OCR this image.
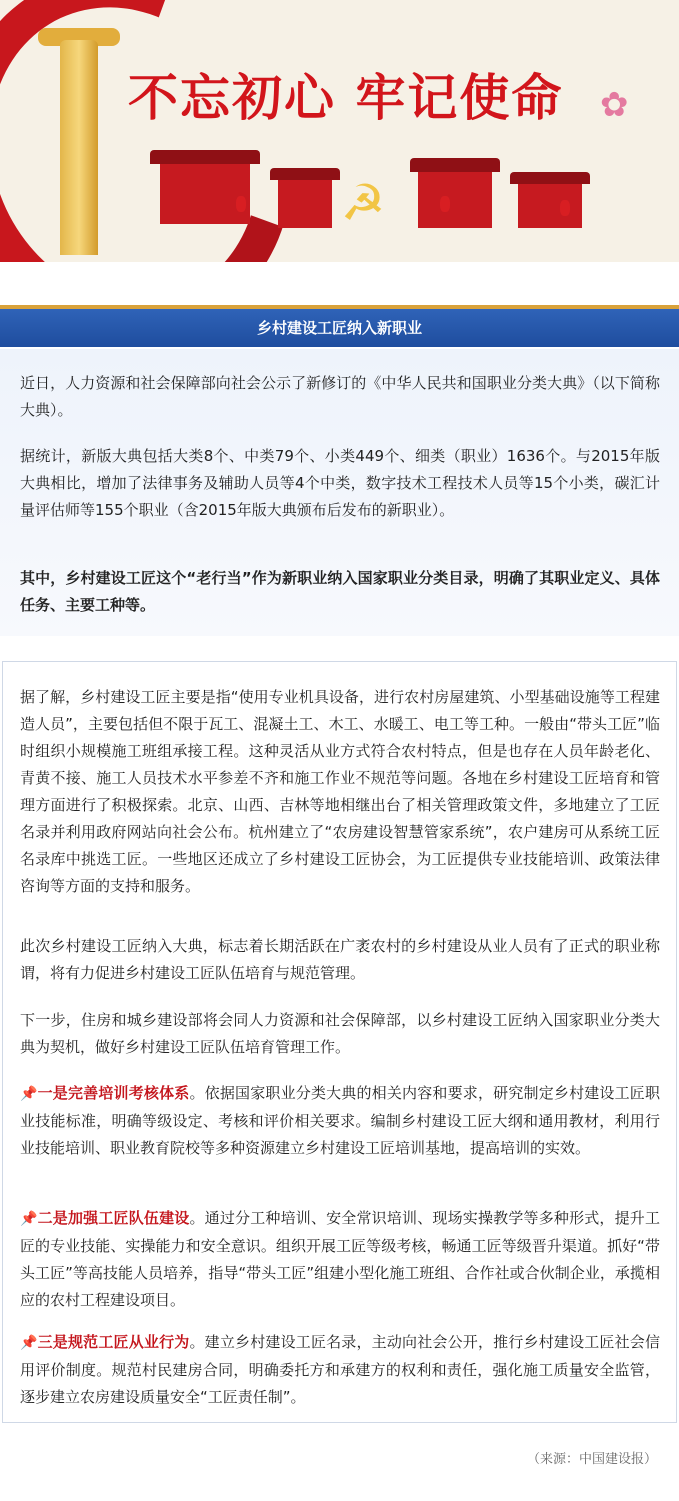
不忘初心 牢记使命
☭
✿
乡村建设工匠纳入新职业

近日，人力资源和社会保障部向社会公示了新修订的《中华人民共和国职业分类大典》（以下简称大典）。

据统计，新版大典包括大类8个、中类79个、小类449个、细类（职业）1636个。与2015年版大典相比，增加了法律事务及辅助人员等4个中类，数字技术工程技术人员等15个小类，碳汇计量评估师等155个职业（含2015年版大典颁布后发布的新职业）。

其中，乡村建设工匠这个“老行当”作为新职业纳入国家职业分类目录，明确了其职业定义、具体任务、主要工种等。

据了解，乡村建设工匠主要是指“使用专业机具设备，进行农村房屋建筑、小型基础设施等工程建造人员”，主要包括但不限于瓦工、混凝土工、木工、水暖工、电工等工种。一般由“带头工匠”临时组织小规模施工班组承接工程。这种灵活从业方式符合农村特点，但是也存在人员年龄老化、青黄不接、施工人员技术水平参差不齐和施工作业不规范等问题。各地在乡村建设工匠培育和管理方面进行了积极探索。北京、山西、吉林等地相继出台了相关管理政策文件，多地建立了工匠名录并利用政府网站向社会公布。杭州建立了“农房建设智慧管家系统”，农户建房可从系统工匠名录库中挑选工匠。一些地区还成立了乡村建设工匠协会，为工匠提供专业技能培训、政策法律咨询等方面的支持和服务。

此次乡村建设工匠纳入大典，标志着长期活跃在广袤农村的乡村建设从业人员有了正式的职业称谓，将有力促进乡村建设工匠队伍培育与规范管理。

下一步，住房和城乡建设部将会同人力资源和社会保障部，以乡村建设工匠纳入国家职业分类大典为契机，做好乡村建设工匠队伍培育管理工作。

📌一是完善培训考核体系。依据国家职业分类大典的相关内容和要求，研究制定乡村建设工匠职业技能标准，明确等级设定、考核和评价相关要求。编制乡村建设工匠大纲和通用教材，利用行业技能培训、职业教育院校等多种资源建立乡村建设工匠培训基地，提高培训的实效。

📌二是加强工匠队伍建设。通过分工种培训、安全常识培训、现场实操教学等多种形式，提升工匠的专业技能、实操能力和安全意识。组织开展工匠等级考核，畅通工匠等级晋升渠道。抓好“带头工匠”等高技能人员培养，指导“带头工匠”组建小型化施工班组、合作社或合伙制企业，承揽相应的农村工程建设项目。

📌三是规范工匠从业行为。建立乡村建设工匠名录，主动向社会公开，推行乡村建设工匠社会信用评价制度。规范村民建房合同，明确委托方和承建方的权利和责任，强化施工质量安全监管，逐步建立农房建设质量安全“工匠责任制”。

（来源：中国建设报）
